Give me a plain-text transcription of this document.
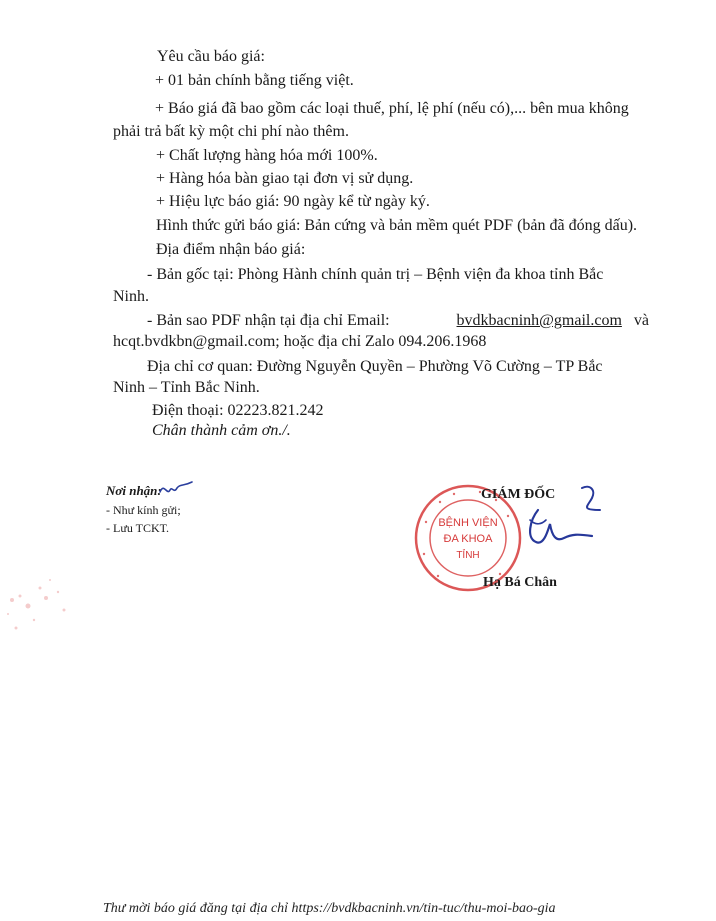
Yêu cầu báo giá:
+ 01 bản chính bằng tiếng việt.
+ Báo giá đã bao gồm các loại thuế, phí, lệ phí (nếu có),... bên mua không
phải trả bất kỳ một chi phí nào thêm.
+ Chất lượng hàng hóa mới 100%.
+ Hàng hóa bàn giao tại đơn vị sử dụng.
+ Hiệu lực báo giá: 90 ngày kể từ ngày ký.
Hình thức gửi báo giá: Bản cứng và bản mềm quét PDF (bản đã đóng dấu).
Địa điểm nhận báo giá:
- Bản gốc tại: Phòng Hành chính quản trị – Bệnh viện đa khoa tỉnh Bắc
Ninh.
- Bản sao PDF nhận tại địa chỉ Email:	bvdkbacninh@gmail.com và
hcqt.bvdkbn@gmail.com; hoặc địa chỉ Zalo 094.206.1968
Địa chỉ cơ quan: Đường Nguyễn Quyền – Phường Võ Cường – TP Bắc
Ninh – Tỉnh Bắc Ninh.
Điện thoại: 02223.821.242
Chân thành cảm ơn./.
Nơi nhận:
- Như kính gửi;
- Lưu TCKT.	BỆNH VIỆN
ĐA KHOA
TỈNH
GIÁM ĐỐC
Hạ Bá Chân
Thư mời báo giá đăng tại địa chỉ https://bvdkbacninh.vn/tin-tuc/thu-moi-bao-gia
